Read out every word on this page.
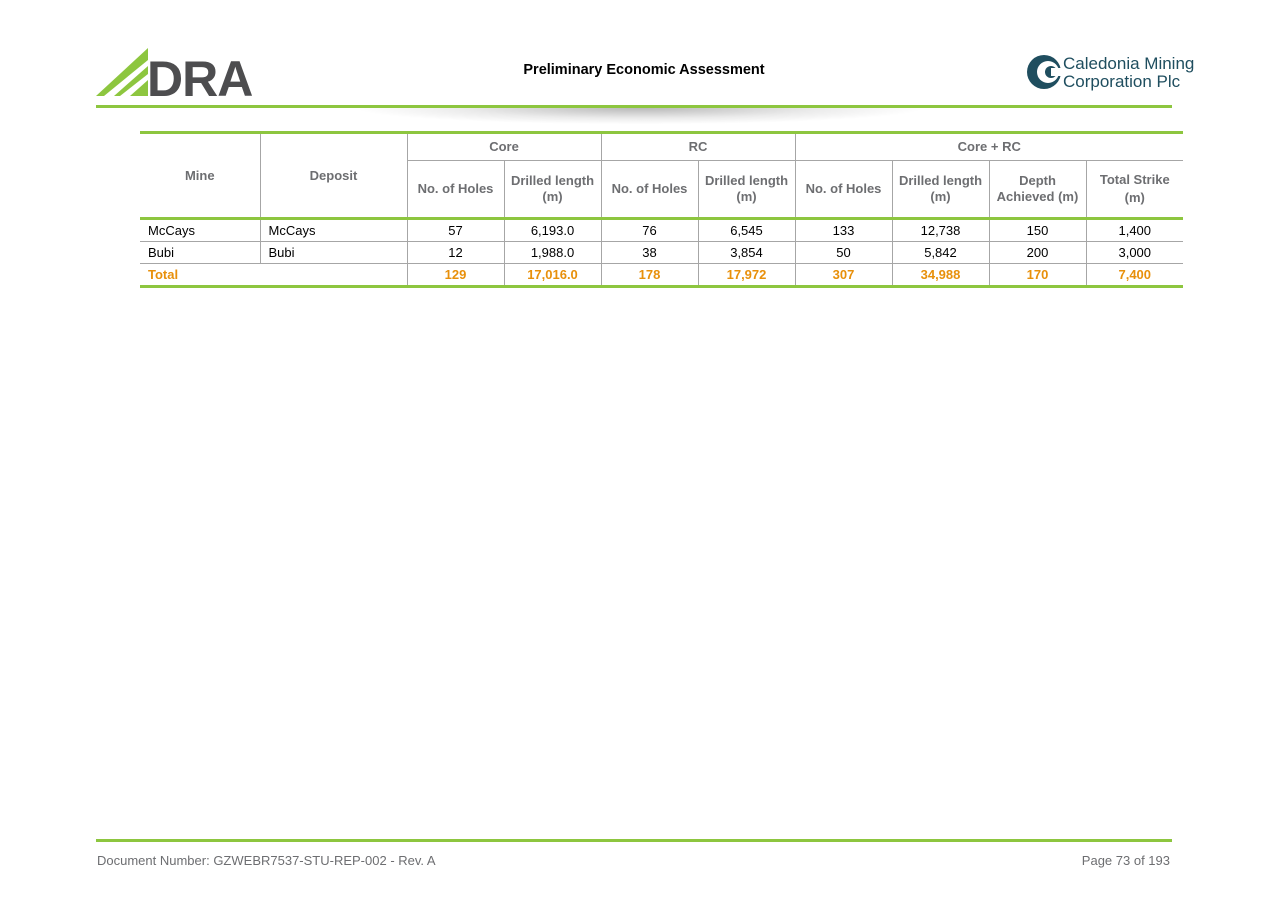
DRA	Preliminary Economic Assessment	Caledonia Mining
Corporation Plc
Mine	Deposit	Core		RC		Core + RC			
		No. of Holes	Drilled length (m)	No. of Holes	Drilled length (m)	No. of Holes	Drilled length (m)	Depth Achieved (m)	Total Strike (m)
McCays	McCays	57	6,193.0	76	6,545	133	12,738	150	1,400
Bubi	Bubi	12	1,988.0	38	3,854	50	5,842	200	3,000
Total		129	17,016.0	178	17,972	307	34,988	170	7,400
Document Number: GZWEBR7537-STU-REP-002 - Rev. A	Page 73 of 193
